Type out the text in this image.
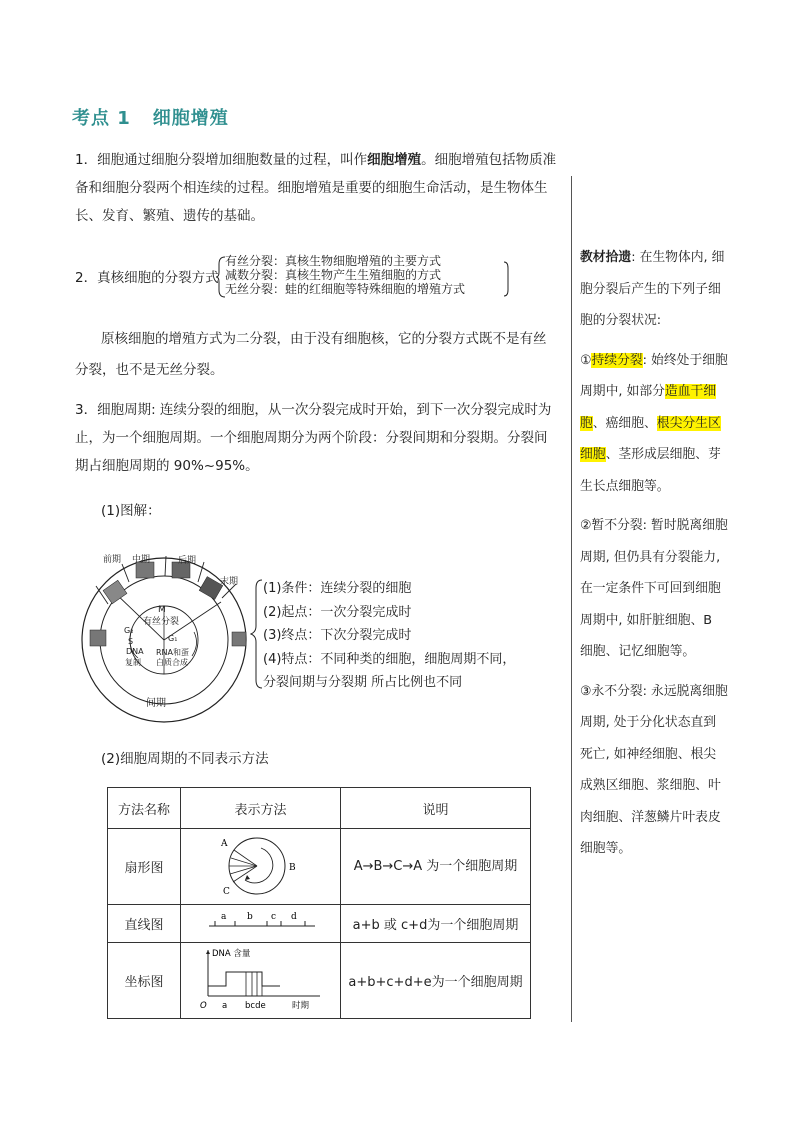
考点 1 细胞增殖
1．细胞通过细胞分裂增加细胞数量的过程，叫作细胞增殖。细胞增殖包括物质准
备和细胞分裂两个相连续的过程。细胞增殖是重要的细胞生命活动，是生物体生
长、发育、繁殖、遗传的基础。
2．真核细胞的分裂方式
有丝分裂：真核生物细胞增殖的主要方式
减数分裂：真核生物产生生殖细胞的方式
无丝分裂：蛙的红细胞等特殊细胞的增殖方式
原核细胞的增殖方式为二分裂，由于没有细胞核，它的分裂方式既不是有丝
分裂，也不是无丝分裂。
3．细胞周期: 连续分裂的细胞，从一次分裂完成时开始，到下一次分裂完成时为
止，为一个细胞周期。一个细胞周期分为两个阶段：分裂间期和分裂期。分裂间
期占细胞周期的 90%~95%。
(1)图解：
前期 中期	后期
末期
M
有丝分裂
G₂
S	G₁
DNA
复制
RNA和蛋
白质合成
间期
(1)条件：连续分裂的细胞
(2)起点：一次分裂完成时
(3)终点：下次分裂完成时
(4)特点：不同种类的细胞，细胞周期不同，
分裂间期与分裂期 所占比例也不同
(2)细胞周期的不同表示方法
方法名称	表示方法	说明
扇形图	A
B
C	A→B→C→A 为一个细胞周期
直线图	a b c d	a+b 或 c+d为一个细胞周期
坐标图	DNA 含量
O a bcde 时期	a+b+c+d+e为一个细胞周期
教材拾遗: 在生物体内, 细胞分裂后产生的下列子细胞的分裂状况:
①持续分裂: 始终处于细胞周期中, 如部分造血干细胞、癌细胞、根尖分生区细胞、茎形成层细胞、芽生长点细胞等。
②暂不分裂: 暂时脱离细胞周期, 但仍具有分裂能力, 在一定条件下可回到细胞周期中, 如肝脏细胞、B 细胞、记忆细胞等。
③永不分裂: 永远脱离细胞周期, 处于分化状态直到死亡, 如神经细胞、根尖成熟区细胞、浆细胞、叶肉细胞、洋葱鳞片叶表皮细胞等。
